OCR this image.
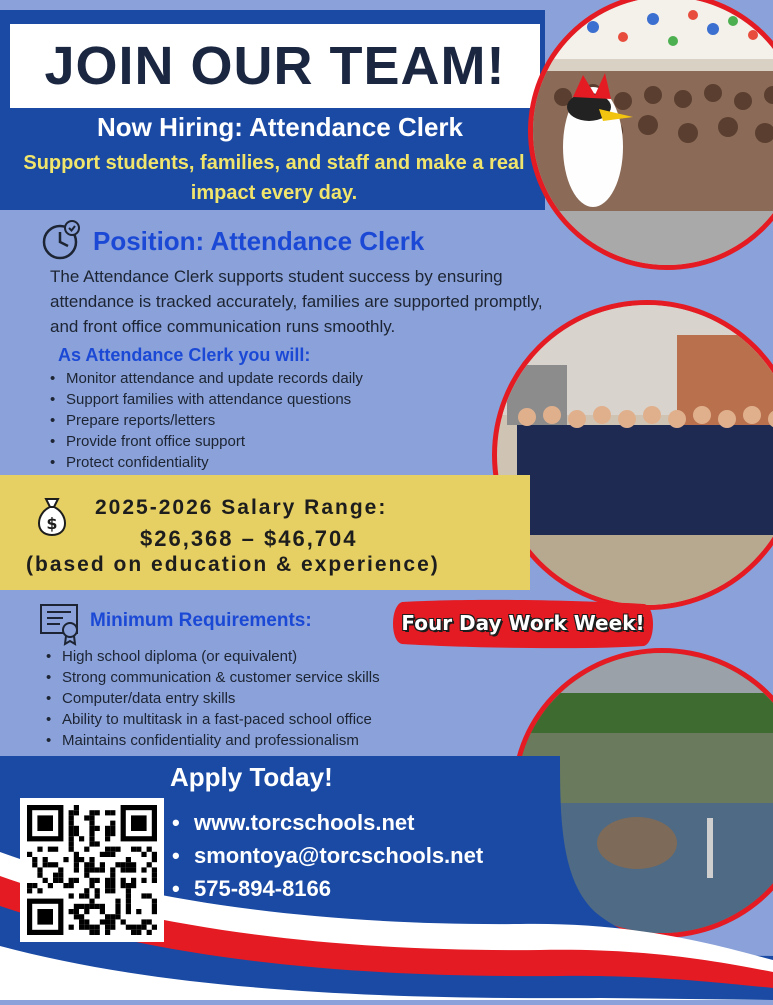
JOIN OUR TEAM!
Now Hiring: Attendance Clerk
Support students, families, and staff and make a real impact every day.
Position: Attendance Clerk
The Attendance Clerk supports student success by ensuring attendance is tracked accurately, families are supported promptly, and front office communication runs smoothly.
As Attendance Clerk you will:
• Monitor attendance and update records daily
• Support families with attendance questions
• Prepare reports/letters
• Provide front office support
• Protect confidentiality
$
2025-2026 Salary Range:
$26,368 – $46,704
(based on education & experience)
Minimum Requirements:
• High school diploma (or equivalent)
• Strong communication & customer service skills
• Computer/data entry skills
• Ability to multitask in a fast-paced school office
• Maintains confidentiality and professionalism
Four Day Work Week!
Apply Today!
• www.torcschools.net
• smontoya@torcschools.net
• 575-894-8166
